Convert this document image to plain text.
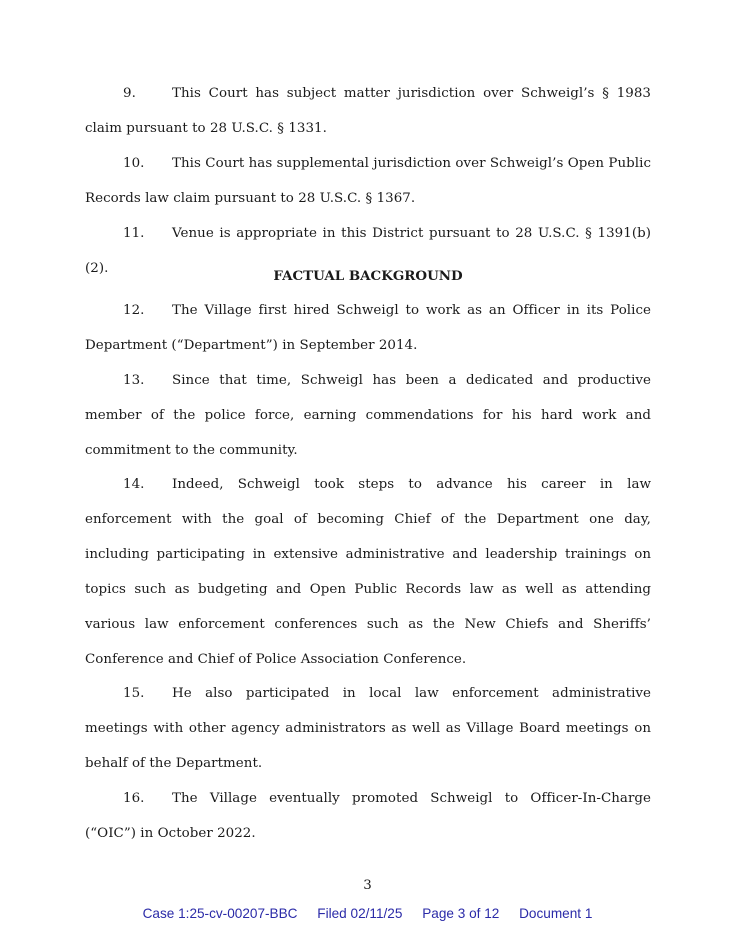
9.	This Court has subject matter jurisdiction over Schweigl’s § 1983 claim pursuant to 28 U.S.C. § 1331.

10. This Court has supplemental jurisdiction over Schweigl’s Open Public Records law claim pursuant to 28 U.S.C. § 1367.

11. Venue is appropriate in this District pursuant to 28 U.S.C. § 1391(b)(2).	FACTUAL BACKGROUND

12. The Village first hired Schweigl to work as an Officer in its Police Department (“Department”) in September 2014.

13. Since that time, Schweigl has been a dedicated and productive member of the police force, earning commendations for his hard work and commitment to the community.

14. Indeed, Schweigl took steps to advance his career in law enforcement with the goal of becoming Chief of the Department one day, including participating in extensive administrative and leadership trainings on topics such as budgeting and Open Public Records law as well as attending various law enforcement conferences such as the New Chiefs and Sheriffs’ Conference and Chief of Police Association Conference.

15. He also participated in local law enforcement administrative meetings with other agency administrators as well as Village Board meetings on behalf of the Department.

16. The Village eventually promoted Schweigl to Officer-In-Charge (“OIC”) in October 2022.

3

Case 1:25-cv-00207-BBC Filed 02/11/25 Page 3 of 12 Document 1
